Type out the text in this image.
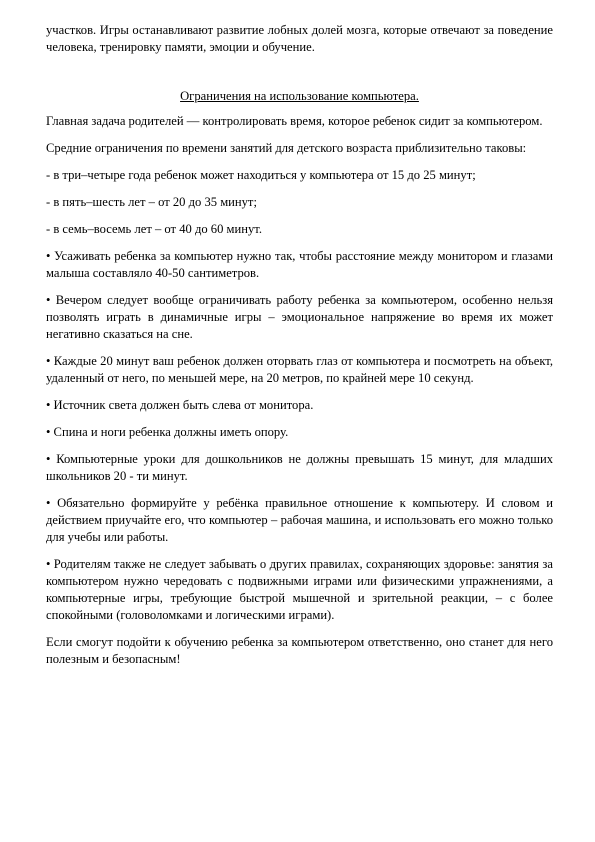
участков. Игры останавливают развитие лобных долей мозга, которые отвечают за поведение человека, тренировку памяти, эмоции и обучение.

Ограничения на использование компьютера.

Главная задача родителей — контролировать время, которое ребенок сидит за компьютером.

Средние ограничения по времени занятий для детского возраста приблизительно таковы:

- в три–четыре года ребенок может находиться у компьютера от 15 до 25 минут;

- в пять–шесть лет – от 20 до 35 минут;

- в семь–восемь лет – от 40 до 60 минут.

• Усаживать ребенка за компьютер нужно так, чтобы расстояние между монитором и глазами малыша составляло 40-50 сантиметров.

• Вечером следует вообще ограничивать работу ребенка за компьютером, особенно нельзя позволять играть в динамичные игры – эмоциональное напряжение во время их может негативно сказаться на сне.

• Каждые 20 минут ваш ребенок должен оторвать глаз от компьютера и посмотреть на объект, удаленный от него, по меньшей мере, на 20 метров, по крайней мере 10 секунд.

• Источник света должен быть слева от монитора.

• Спина и ноги ребенка должны иметь опору.

• Компьютерные уроки для дошкольников не должны превышать 15 минут, для младших школьников 20 - ти минут.

• Обязательно формируйте у ребёнка правильное отношение к компьютеру. И словом и действием приучайте его, что компьютер – рабочая машина, и использовать его можно только для учебы или работы.

• Родителям также не следует забывать о других правилах, сохраняющих здоровье: занятия за компьютером нужно чередовать с подвижными играми или физическими упражнениями, а компьютерные игры, требующие быстрой мышечной и зрительной реакции, – с более спокойными (головоломками и логическими играми).

Если смогут подойти к обучению ребенка за компьютером ответственно, оно станет для него полезным и безопасным!
